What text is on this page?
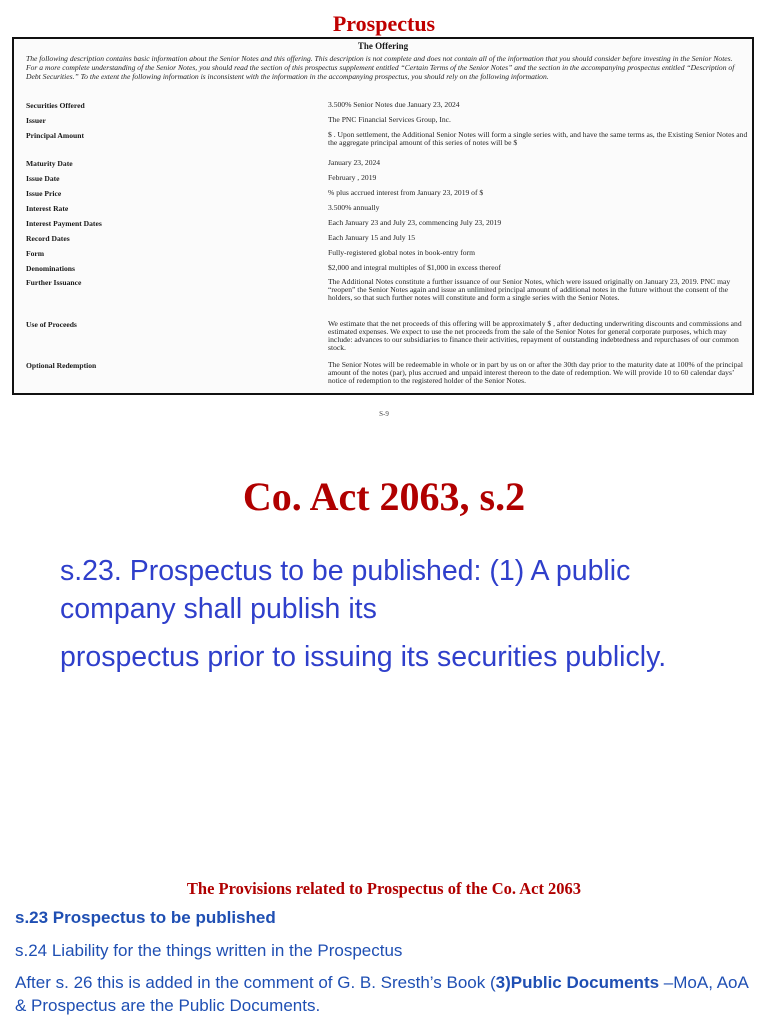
Prospectus
The Offering
The following description contains basic information about the Senior Notes and this offering. This description is not complete and does not contain all of the information that you should consider before investing in the Senior Notes. For a more complete understanding of the Senior Notes, you should read the section of this prospectus supplement entitled “Certain Terms of the Senior Notes” and the section in the accompanying prospectus entitled “Description of Debt Securities.” To the extent the following information is inconsistent with the information in the accompanying prospectus, you should rely on the following information.
Securities Offered	3.500% Senior Notes due January 23, 2024
Issuer	The PNC Financial Services Group, Inc.
Principal Amount	$ . Upon settlement, the Additional Senior Notes will form a single series with, and have the same terms as, the Existing Senior Notes and the aggregate principal amount of this series of notes will be $
Maturity Date	January 23, 2024
Issue Date	February , 2019
Issue Price	% plus accrued interest from January 23, 2019 of $
Interest Rate	3.500% annually
Interest Payment Dates	Each January 23 and July 23, commencing July 23, 2019
Record Dates	Each January 15 and July 15
Form	Fully-registered global notes in book-entry form
Denominations	$2,000 and integral multiples of $1,000 in excess thereof
Further Issuance	The Additional Notes constitute a further issuance of our Senior Notes, which were issued originally on January 23, 2019. PNC may “reopen” the Senior Notes again and issue an unlimited principal amount of additional notes in the future without the consent of the holders, so that such further notes will constitute and form a single series with the Senior Notes.
Use of Proceeds	We estimate that the net proceeds of this offering will be approximately $ , after deducting underwriting discounts and commissions and estimated expenses. We expect to use the net proceeds from the sale of the Senior Notes for general corporate purposes, which may include: advances to our subsidiaries to finance their activities, repayment of outstanding indebtedness and repurchases of our common stock.
Optional Redemption	The Senior Notes will be redeemable in whole or in part by us on or after the 30th day prior to the maturity date at 100% of the principal amount of the notes (par), plus accrued and unpaid interest thereon to the date of redemption. We will provide 10 to 60 calendar days’ notice of redemption to the registered holder of the Senior Notes.
S-9
Co. Act 2063, s.2
s.23. Prospectus to be published: (1) A public company shall publish its
prospectus prior to issuing its securities publicly.
The Provisions related to Prospectus of the Co. Act 2063
s.23 Prospectus to be published
s.24 Liability for the things written in the Prospectus
After s. 26 this is added in the comment of G. B. Sresth’s Book (3)Public Documents –MoA, AoA & Prospectus are the Public Documents.
